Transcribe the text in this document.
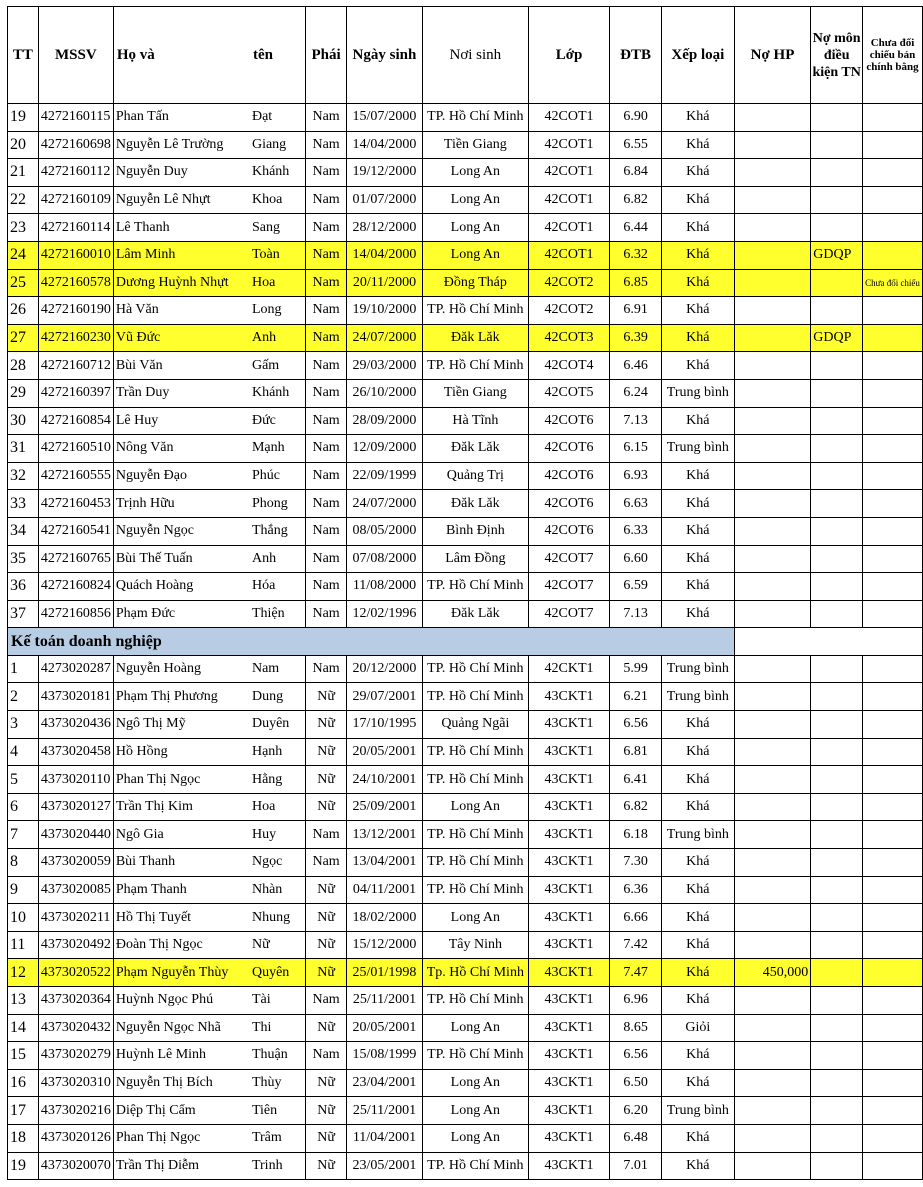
TT	MSSV	Họ và	tên	Phái	Ngày sinh	Nơi sinh	Lớp	ĐTB	Xếp loại	Nợ HP	Nợ môn điều kiện TN	Chưa đối chiếu bản chính bằng
19	4272160115	Phan Tấn	Đạt	Nam	15/07/2000	TP. Hồ Chí Minh	42COT1	6.90	Khá			
20	4272160698	Nguyễn Lê Trường	Giang	Nam	14/04/2000	Tiền Giang	42COT1	6.55	Khá			
21	4272160112	Nguyễn Duy	Khánh	Nam	19/12/2000	Long An	42COT1	6.84	Khá			
22	4272160109	Nguyễn Lê Nhựt	Khoa	Nam	01/07/2000	Long An	42COT1	6.82	Khá			
23	4272160114	Lê Thanh	Sang	Nam	28/12/2000	Long An	42COT1	6.44	Khá			
24	4272160010	Lâm Minh	Toàn	Nam	14/04/2000	Long An	42COT1	6.32	Khá		GDQP	
25	4272160578	Dương Huỳnh Nhựt	Hoa	Nam	20/11/2000	Đồng Tháp	42COT2	6.85	Khá			Chưa đối chiếu
26	4272160190	Hà Văn	Long	Nam	19/10/2000	TP. Hồ Chí Minh	42COT2	6.91	Khá			
27	4272160230	Vũ Đức	Anh	Nam	24/07/2000	Đăk Lăk	42COT3	6.39	Khá		GDQP	
28	4272160712	Bùi Văn	Gấm	Nam	29/03/2000	TP. Hồ Chí Minh	42COT4	6.46	Khá			
29	4272160397	Trần Duy	Khánh	Nam	26/10/2000	Tiền Giang	42COT5	6.24	Trung bình			
30	4272160854	Lê Huy	Đức	Nam	28/09/2000	Hà Tĩnh	42COT6	7.13	Khá			
31	4272160510	Nông Văn	Mạnh	Nam	12/09/2000	Đăk Lăk	42COT6	6.15	Trung bình			
32	4272160555	Nguyễn Đạo	Phúc	Nam	22/09/1999	Quảng Trị	42COT6	6.93	Khá			
33	4272160453	Trịnh Hữu	Phong	Nam	24/07/2000	Đăk Lăk	42COT6	6.63	Khá			
34	4272160541	Nguyễn Ngọc	Thắng	Nam	08/05/2000	Bình Định	42COT6	6.33	Khá			
35	4272160765	Bùi Thế Tuấn	Anh	Nam	07/08/2000	Lâm Đồng	42COT7	6.60	Khá			
36	4272160824	Quách Hoàng	Hóa	Nam	11/08/2000	TP. Hồ Chí Minh	42COT7	6.59	Khá			
37	4272160856	Phạm Đức	Thiện	Nam	12/02/1996	Đăk Lăk	42COT7	7.13	Khá			
Kế toán doanh nghiệp												
1	4273020287	Nguyễn Hoàng	Nam	Nam	20/12/2000	TP. Hồ Chí Minh	42CKT1	5.99	Trung bình			
2	4373020181	Phạm Thị Phương	Dung	Nữ	29/07/2001	TP. Hồ Chí Minh	43CKT1	6.21	Trung bình			
3	4373020436	Ngô Thị Mỹ	Duyên	Nữ	17/10/1995	Quảng Ngãi	43CKT1	6.56	Khá			
4	4373020458	Hồ Hồng	Hạnh	Nữ	20/05/2001	TP. Hồ Chí Minh	43CKT1	6.81	Khá			
5	4373020110	Phan Thị Ngọc	Hằng	Nữ	24/10/2001	TP. Hồ Chí Minh	43CKT1	6.41	Khá			
6	4373020127	Trần Thị Kim	Hoa	Nữ	25/09/2001	Long An	43CKT1	6.82	Khá			
7	4373020440	Ngô Gia	Huy	Nam	13/12/2001	TP. Hồ Chí Minh	43CKT1	6.18	Trung bình			
8	4373020059	Bùi Thanh	Ngọc	Nam	13/04/2001	TP. Hồ Chí Minh	43CKT1	7.30	Khá			
9	4373020085	Phạm Thanh	Nhàn	Nữ	04/11/2001	TP. Hồ Chí Minh	43CKT1	6.36	Khá			
10	4373020211	Hồ Thị Tuyết	Nhung	Nữ	18/02/2000	Long An	43CKT1	6.66	Khá			
11	4373020492	Đoàn Thị Ngọc	Nữ	Nữ	15/12/2000	Tây Ninh	43CKT1	7.42	Khá			
12	4373020522	Phạm Nguyễn Thùy	Quyên	Nữ	25/01/1998	Tp. Hồ Chí Minh	43CKT1	7.47	Khá	450,000		
13	4373020364	Huỳnh Ngọc Phú	Tài	Nam	25/11/2001	TP. Hồ Chí Minh	43CKT1	6.96	Khá			
14	4373020432	Nguyễn Ngọc Nhã	Thi	Nữ	20/05/2001	Long An	43CKT1	8.65	Giỏi			
15	4373020279	Huỳnh Lê Minh	Thuận	Nam	15/08/1999	TP. Hồ Chí Minh	43CKT1	6.56	Khá			
16	4373020310	Nguyễn Thị Bích	Thùy	Nữ	23/04/2001	Long An	43CKT1	6.50	Khá			
17	4373020216	Diệp Thị Cẩm	Tiên	Nữ	25/11/2001	Long An	43CKT1	6.20	Trung bình			
18	4373020126	Phan Thị Ngọc	Trâm	Nữ	11/04/2001	Long An	43CKT1	6.48	Khá			
19	4373020070	Trần Thị Diễm	Trinh	Nữ	23/05/2001	TP. Hồ Chí Minh	43CKT1	7.01	Khá			
